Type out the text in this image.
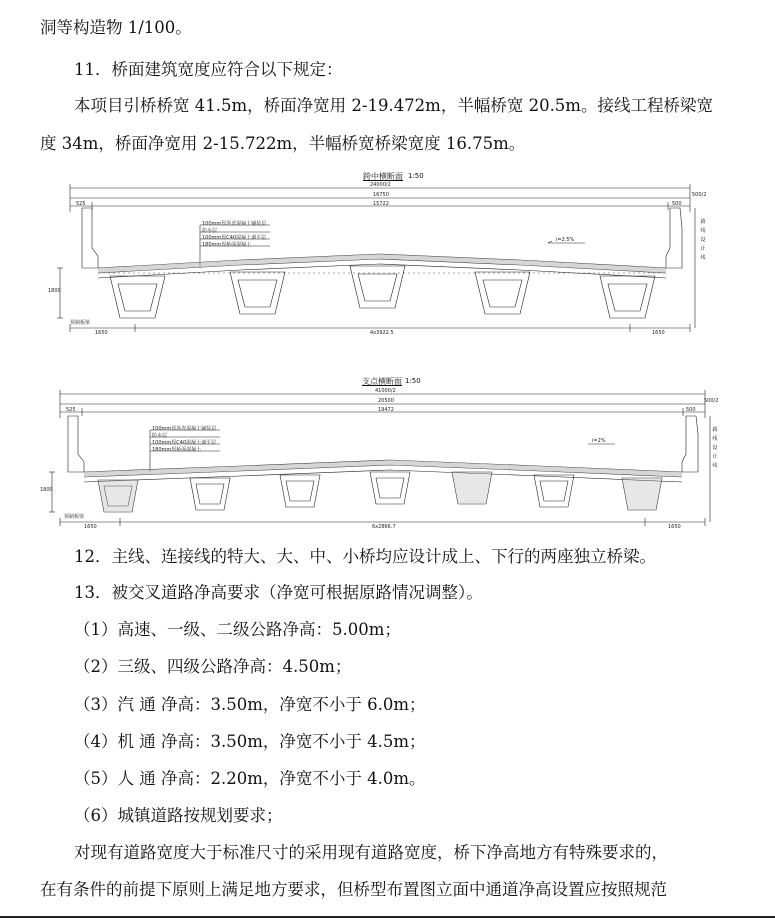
洞等构造物 1/100。
11．桥面建筑宽度应符合以下规定：
本项目引桥桥宽 41.5m，桥面净宽用 2-19.472m，半幅桥宽 20.5m。接线工程桥梁宽
度 34m，桥面净宽用 2-15.722m，半幅桥宽桥梁宽度 16.75m。
跨中横断面 1:50
24000/2
16750
15722
525	500
500/2
1800
1650	4x3922.5	1650
i=2.5%
100mm厚沥青混凝土铺装层
防水层
100mm厚C40混凝土调平层
180mm厚桥面混凝土
预制板梁
路线设计线
支点横断面 1:50
41000/2
20500
19472
525	500
500/2
1800
1650	6x2866.7	1650
i=2%
100mm厚沥青混凝土铺装层
防水层
100mm厚C40混凝土调平层
180mm厚桥面混凝土
预制板梁
路线设计线
12．主线、连接线的特大、大、中、小桥均应设计成上、下行的两座独立桥梁。
13．被交叉道路净高要求（净宽可根据原路情况调整）。
（1）高速、一级、二级公路净高：5.00m；
（2）三级、四级公路净高：4.50m；
（3）汽 通 净高：3.50m，净宽不小于 6.0m；
（4）机 通 净高：3.50m，净宽不小于 4.5m；
（5）人 通 净高：2.20m，净宽不小于 4.0m。
（6）城镇道路按规划要求；
对现有道路宽度大于标准尺寸的采用现有道路宽度，桥下净高地方有特殊要求的，
在有条件的前提下原则上满足地方要求，但桥型布置图立面中通道净高设置应按照规范
